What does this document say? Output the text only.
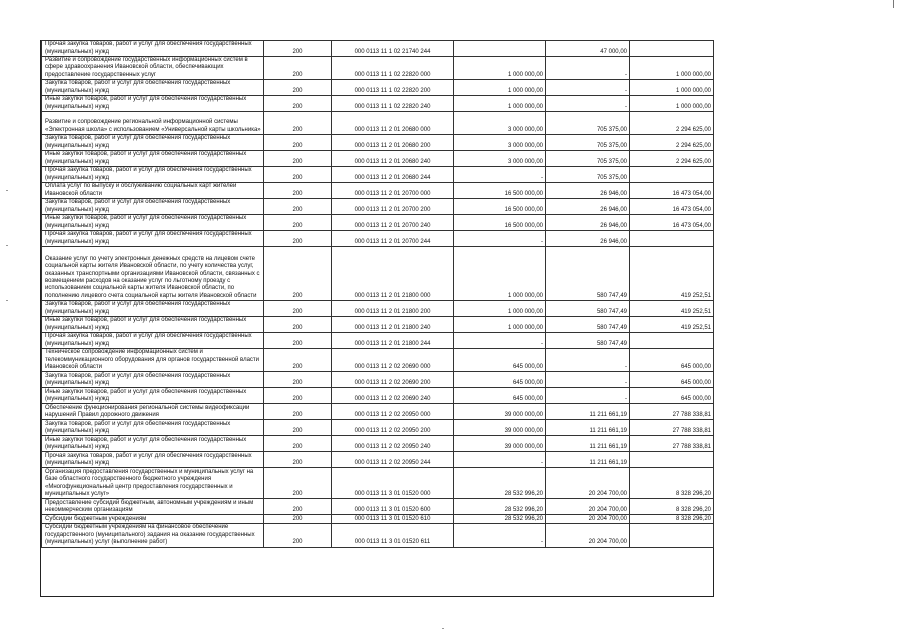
Прочая закупка товаров, работ и услуг для обеспечения государственных (муниципальных) нужд	200	000 0113 11 1 02 21740 244		47 000,00	
Развитие и сопровождение государственных информационных систем в сфере здравоохранения Ивановской области, обеспечивающих предоставление государственных услуг	200	000 0113 11 1 02 22820 000	1 000 000,00	-	1 000 000,00
Закупка товаров, работ и услуг для обеспечения государственных (муниципальных) нужд	200	000 0113 11 1 02 22820 200	1 000 000,00	-	1 000 000,00
Иные закупки товаров, работ и услуг для обеспечения государственных (муниципальных) нужд	200	000 0113 11 1 02 22820 240	1 000 000,00	-	1 000 000,00
Развитие и сопровождение региональной информационной системы «Электронная школа» с использованием «Универсальной карты школьника»	200	000 0113 11 2 01 20680 000	3 000 000,00	705 375,00	2 294 625,00
Закупка товаров, работ и услуг для обеспечения государственных (муниципальных) нужд	200	000 0113 11 2 01 20680 200	3 000 000,00	705 375,00	2 294 625,00
Иные закупки товаров, работ и услуг для обеспечения государственных (муниципальных) нужд	200	000 0113 11 2 01 20680 240	3 000 000,00	705 375,00	2 294 625,00
Прочая закупка товаров, работ и услуг для обеспечения государственных (муниципальных) нужд	200	000 0113 11 2 01 20680 244	-	705 375,00	
Оплата услуг по выпуску и обслуживанию социальных карт жителей Ивановской области	200	000 0113 11 2 01 20700 000	16 500 000,00	26 946,00	16 473 054,00
Закупка товаров, работ и услуг для обеспечения государственных (муниципальных) нужд	200	000 0113 11 2 01 20700 200	16 500 000,00	26 946,00	16 473 054,00
Иные закупки товаров, работ и услуг для обеспечения государственных (муниципальных) нужд	200	000 0113 11 2 01 20700 240	16 500 000,00	26 946,00	16 473 054,00
Прочая закупка товаров, работ и услуг для обеспечения государственных (муниципальных) нужд	200	000 0113 11 2 01 20700 244	-	26 946,00	
Оказание услуг по учету электронных денежных средств на лицевом счете социальной карты жителя Ивановской области, по учету количества услуг, оказанных транспортными организациями Ивановской области, связанных с возмещением расходов на оказание услуг по льготному проезду с использованием социальной карты жителя Ивановской области, по пополнению лицевого счета социальной карты жителя Ивановской области	200	000 0113 11 2 01 21800 000	1 000 000,00	580 747,49	419 252,51
Закупка товаров, работ и услуг для обеспечения государственных (муниципальных) нужд	200	000 0113 11 2 01 21800 200	1 000 000,00	580 747,49	419 252,51
Иные закупки товаров, работ и услуг для обеспечения государственных (муниципальных) нужд	200	000 0113 11 2 01 21800 240	1 000 000,00	580 747,49	419 252,51
Прочая закупка товаров, работ и услуг для обеспечения государственных (муниципальных) нужд	200	000 0113 11 2 01 21800 244	-	580 747,49	
Техническое сопровождение информационных систем и телекоммуникационного оборудования для органов государственной власти Ивановской области	200	000 0113 11 2 02 20690 000	645 000,00	-	645 000,00
Закупка товаров, работ и услуг для обеспечения государственных (муниципальных) нужд	200	000 0113 11 2 02 20690 200	645 000,00	-	645 000,00
Иные закупки товаров, работ и услуг для обеспечения государственных (муниципальных) нужд	200	000 0113 11 2 02 20690 240	645 000,00	-	645 000,00
Обеспечение функционирования региональной системы видеофиксации нарушений Правил дорожного движения	200	000 0113 11 2 02 20950 000	39 000 000,00	11 211 661,19	27 788 338,81
Закупка товаров, работ и услуг для обеспечения государственных (муниципальных) нужд	200	000 0113 11 2 02 20950 200	39 000 000,00	11 211 661,19	27 788 338,81
Иные закупки товаров, работ и услуг для обеспечения государственных (муниципальных) нужд	200	000 0113 11 2 02 20950 240	39 000 000,00	11 211 661,19	27 788 338,81
Прочая закупка товаров, работ и услуг для обеспечения государственных (муниципальных) нужд	200	000 0113 11 2 02 20950 244	-	11 211 661,19	
Организация предоставления государственных и муниципальных услуг на базе областного государственного бюджетного учреждения «Многофункциональный центр предоставления государственных и муниципальных услуг»	200	000 0113 11 3 01 01520 000	28 532 996,20	20 204 700,00	8 328 296,20
Предоставление субсидий бюджетным, автономным учреждениям и иным некоммерческим организациям	200	000 0113 11 3 01 01520 600	28 532 996,20	20 204 700,00	8 328 296,20
Субсидии бюджетным учреждениям	200	000 0113 11 3 01 01520 610	28 532 996,20	20 204 700,00	8 328 296,20
Субсидии бюджетным учреждениям на финансовое обеспечение государственного (муниципального) задания на оказание государственных (муниципальных) услуг (выполнение работ)	200	000 0113 11 3 01 01520 611	-	20 204 700,00	
